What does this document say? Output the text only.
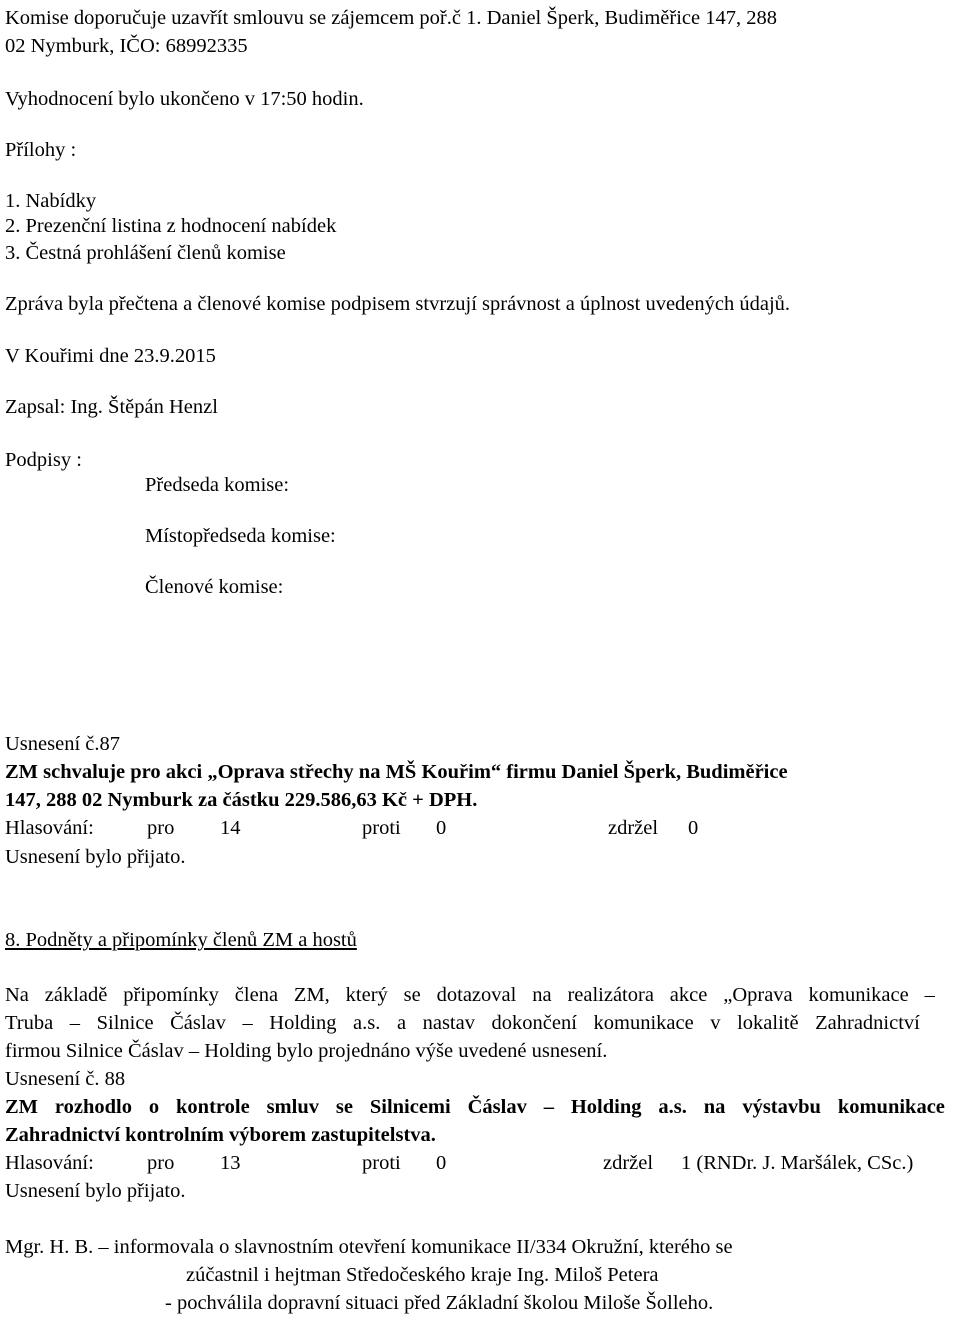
Komise doporučuje uzavřít smlouvu se zájemcem poř.č 1. Daniel Šperk, Budiměřice 147, 288
02 Nymburk, IČO: 68992335
Vyhodnocení bylo ukončeno v 17:50 hodin.
Přílohy :
1. Nabídky
2. Prezenční listina z hodnocení nabídek
3. Čestná prohlášení členů komise
Zpráva byla přečtena a členové komise podpisem stvrzují správnost a úplnost uvedených údajů.
V Kouřimi dne 23.9.2015
Zapsal: Ing. Štěpán Henzl
Podpisy :
Předseda komise:
Místopředseda komise:
Členové komise:
Usnesení č.87
ZM schvaluje pro akci „Oprava střechy na MŠ Kouřim“ firmu Daniel Šperk, Budiměřice
147, 288 02 Nymburk za částku 229.586,63 Kč + DPH.
Hlasování:	pro 14	proti 0	zdržel 0
Usnesení bylo přijato.
8. Podněty a připomínky členů ZM a hostů
Na základě připomínky člena ZM, který se dotazoval na realizátora akce „Oprava komunikace –
Truba – Silnice Čáslav – Holding a.s. a nastav dokončení komunikace v lokalitě Zahradnictví
firmou Silnice Čáslav – Holding bylo projednáno výše uvedené usnesení.
Usnesení č. 88
ZM rozhodlo o kontrole smluv se Silnicemi Čáslav – Holding a.s. na výstavbu komunikace
Zahradnictví kontrolním výborem zastupitelstva.
Hlasování:	pro 13	proti 0	zdržel 1 (RNDr. J. Maršálek, CSc.)
Usnesení bylo přijato.
Mgr. H. B. – informovala o slavnostním otevření komunikace II/334 Okružní, kterého se
zúčastnil i hejtman Středočeského kraje Ing. Miloš Petera
- pochválila dopravní situaci před Základní školou Miloše Šolleho.
